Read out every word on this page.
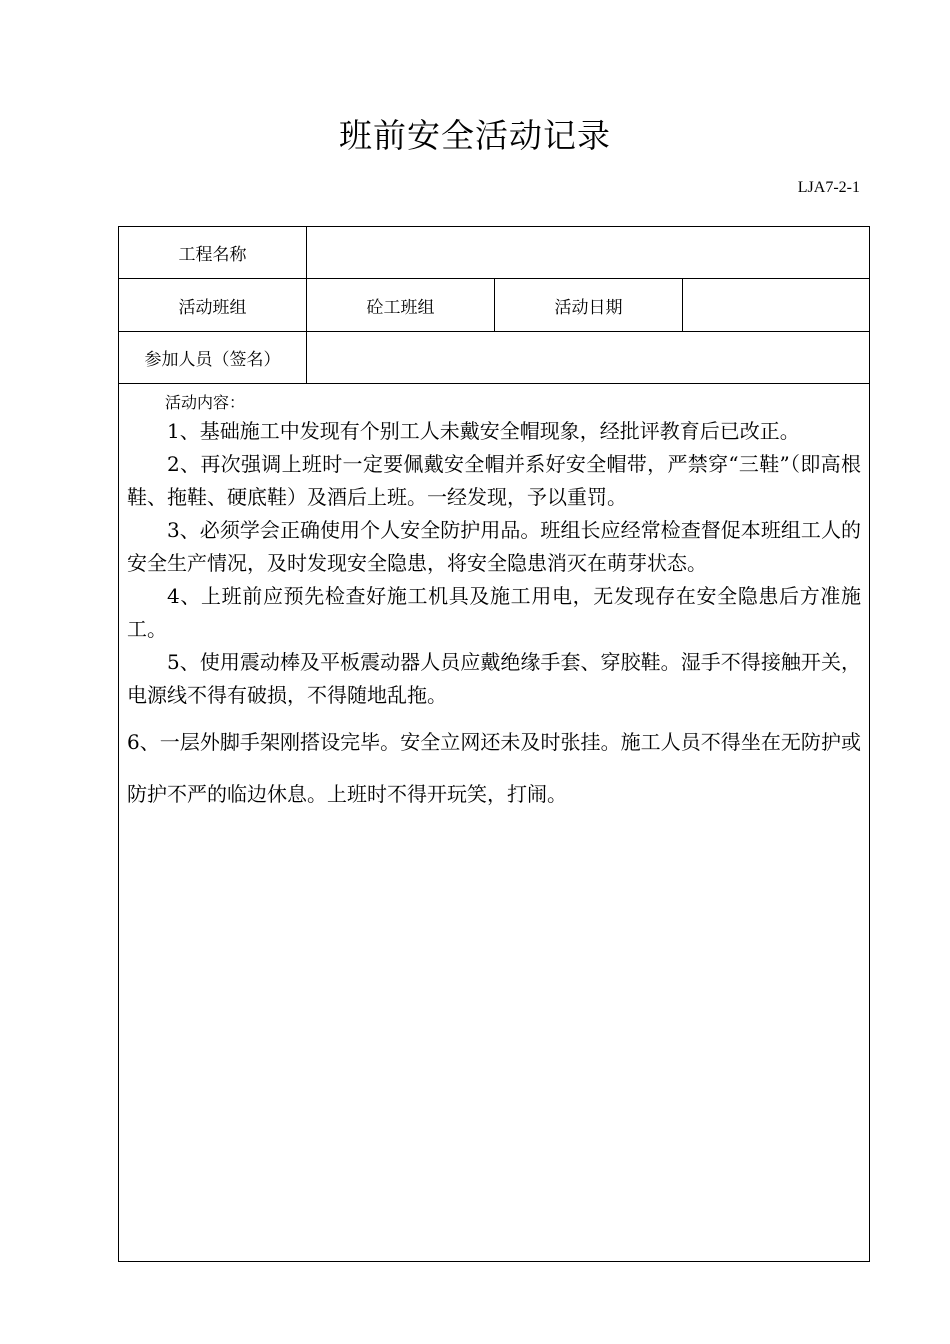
班前安全活动记录
LJA7-2-1
工程名称
活动班组	砼工班组	活动日期
参加人员（签名）

活动内容：

1、基础施工中发现有个别工人未戴安全帽现象，经批评教育后已改正。

2、再次强调上班时一定要佩戴安全帽并系好安全帽带，严禁穿“三鞋”（即高根鞋、拖鞋、硬底鞋）及酒后上班。一经发现，予以重罚。

3、必须学会正确使用个人安全防护用品。班组长应经常检查督促本班组工人的安全生产情况，及时发现安全隐患，将安全隐患消灭在萌芽状态。

4、上班前应预先检查好施工机具及施工用电，无发现存在安全隐患后方准施工。

5、使用震动棒及平板震动器人员应戴绝缘手套、穿胶鞋。湿手不得接触开关，电源线不得有破损，不得随地乱拖。

6、一层外脚手架刚搭设完毕。安全立网还未及时张挂。施工人员不得坐在无防护或防护不严的临边休息。上班时不得开玩笑，打闹。
